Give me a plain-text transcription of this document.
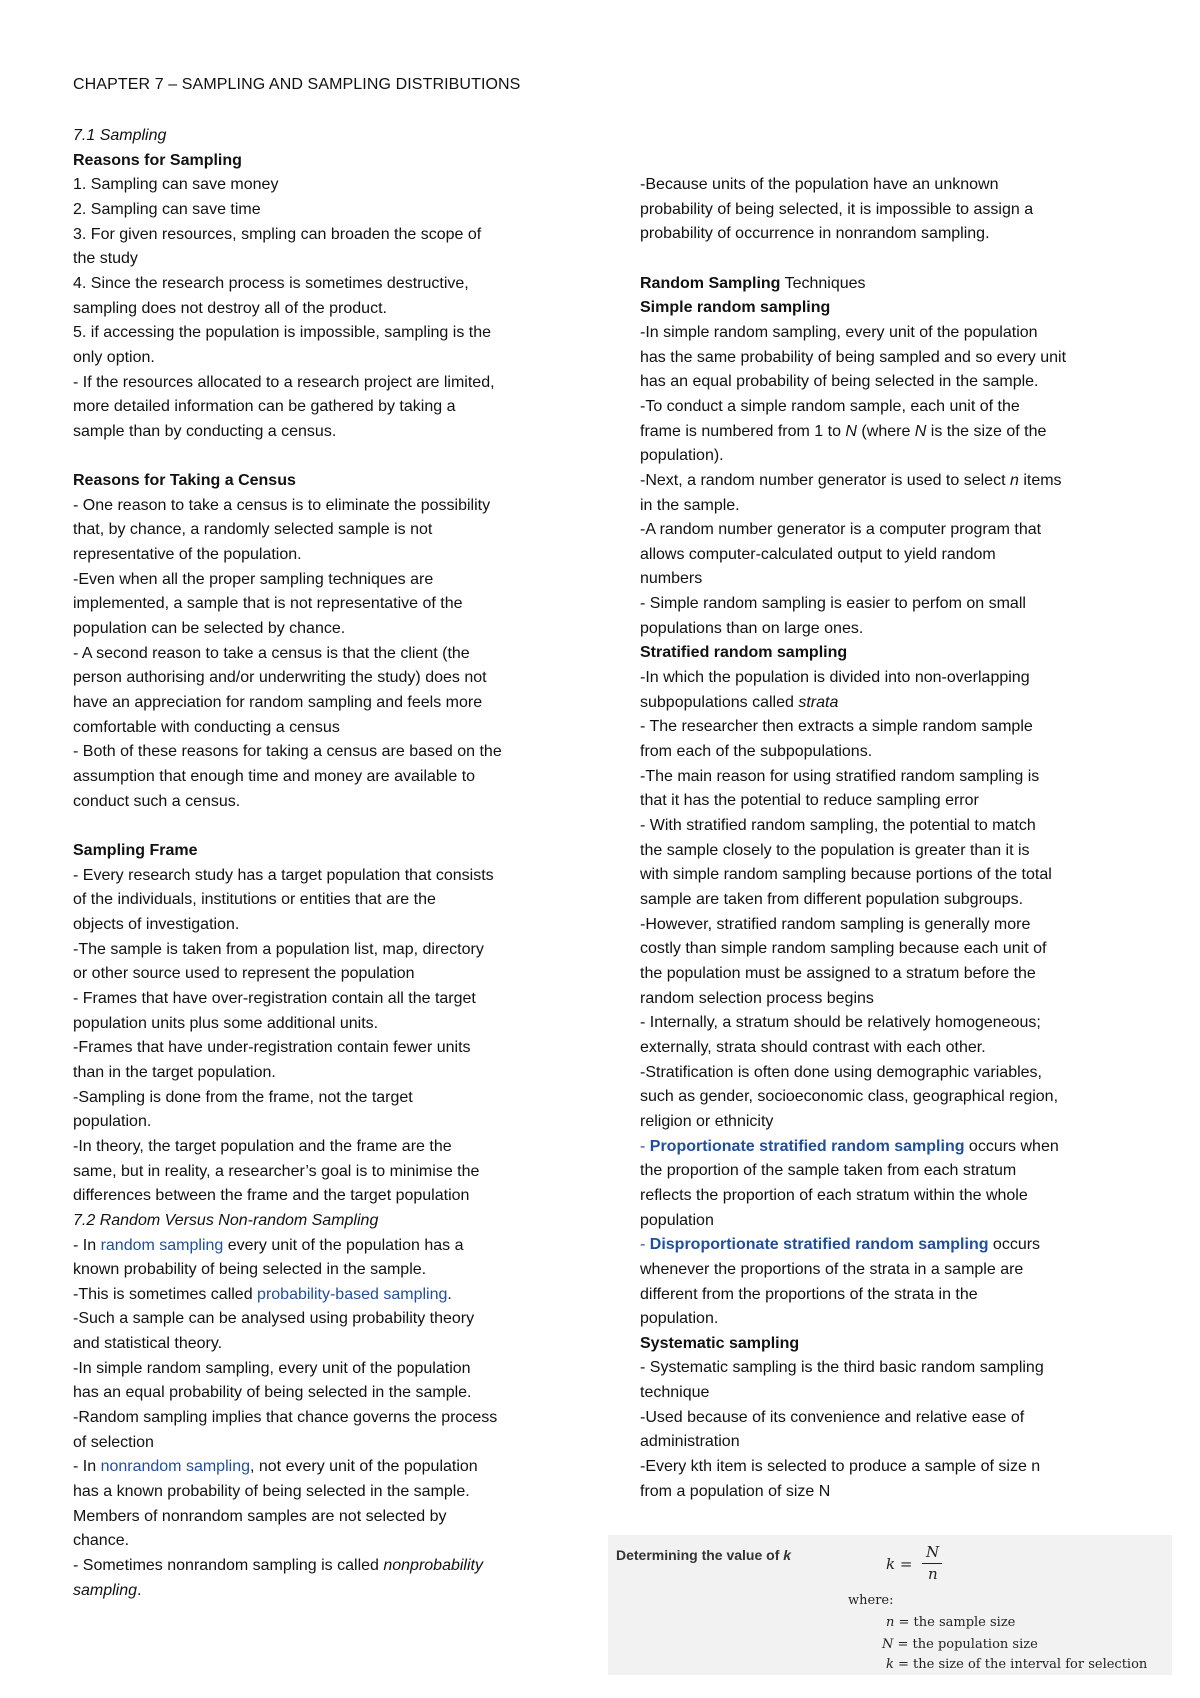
CHAPTER 7 – SAMPLING AND SAMPLING DISTRIBUTIONS

7.1 Sampling

Reasons for Sampling

1. Sampling can save money

2. Sampling can save time

3. For given resources, smpling can broaden the scope of

the study

4. Since the research process is sometimes destructive,

sampling does not destroy all of the product.

5. if accessing the population is impossible, sampling is the

only option.

- If the resources allocated to a research project are limited,

more detailed information can be gathered by taking a

sample than by conducting a census.

Reasons for Taking a Census

- One reason to take a census is to eliminate the possibility

that, by chance, a randomly selected sample is not

representative of the population.

-Even when all the proper sampling techniques are

implemented, a sample that is not representative of the

population can be selected by chance.

- A second reason to take a census is that the client (the

person authorising and/or underwriting the study) does not

have an appreciation for random sampling and feels more

comfortable with conducting a census

- Both of these reasons for taking a census are based on the

assumption that enough time and money are available to

conduct such a census.

Sampling Frame

- Every research study has a target population that consists

of the individuals, institutions or entities that are the

objects of investigation.

-The sample is taken from a population list, map, directory

or other source used to represent the population

- Frames that have over-registration contain all the target

population units plus some additional units.

-Frames that have under-registration contain fewer units

than in the target population.

-Sampling is done from the frame, not the target

population.

-In theory, the target population and the frame are the

same, but in reality, a researcher’s goal is to minimise the

differences between the frame and the target population

7.2 Random Versus Non-random Sampling

- In random sampling every unit of the population has a

known probability of being selected in the sample.

-This is sometimes called probability-based sampling.

-Such a sample can be analysed using probability theory

and statistical theory.

-In simple random sampling, every unit of the population

has an equal probability of being selected in the sample.

-Random sampling implies that chance governs the process

of selection

- In nonrandom sampling, not every unit of the population

has a known probability of being selected in the sample.

Members of nonrandom samples are not selected by

chance.

- Sometimes nonrandom sampling is called nonprobability

sampling.

-Because units of the population have an unknown

probability of being selected, it is impossible to assign a

probability of occurrence in nonrandom sampling.

Random Sampling Techniques

Simple random sampling

-In simple random sampling, every unit of the population

has the same probability of being sampled and so every unit

has an equal probability of being selected in the sample.

-To conduct a simple random sample, each unit of the

frame is numbered from 1 to N (where N is the size of the

population).

-Next, a random number generator is used to select n items

in the sample.

-A random number generator is a computer program that

allows computer-calculated output to yield random

numbers

- Simple random sampling is easier to perfom on small

populations than on large ones.

Stratified random sampling

-In which the population is divided into non-overlapping

subpopulations called strata

- The researcher then extracts a simple random sample

from each of the subpopulations.

-The main reason for using stratified random sampling is

that it has the potential to reduce sampling error

- With stratified random sampling, the potential to match

the sample closely to the population is greater than it is

with simple random sampling because portions of the total

sample are taken from different population subgroups.

-However, stratified random sampling is generally more

costly than simple random sampling because each unit of

the population must be assigned to a stratum before the

random selection process begins

- Internally, a stratum should be relatively homogeneous;

externally, strata should contrast with each other.

-Stratification is often done using demographic variables,

such as gender, socioeconomic class, geographical region,

religion or ethnicity

- Proportionate stratified random sampling occurs when

the proportion of the sample taken from each stratum

reflects the proportion of each stratum within the whole

population

- Disproportionate stratified random sampling occurs

whenever the proportions of the strata in a sample are

different from the proportions of the strata in the

population.

Systematic sampling

- Systematic sampling is the third basic random sampling

technique

-Used because of its convenience and relative ease of

administration

-Every kth item is selected to produce a sample of size n

from a population of size N

Determining the value of k	k =
N
n
where:
n = the sample size
N = the population size
k = the size of the interval for selection
